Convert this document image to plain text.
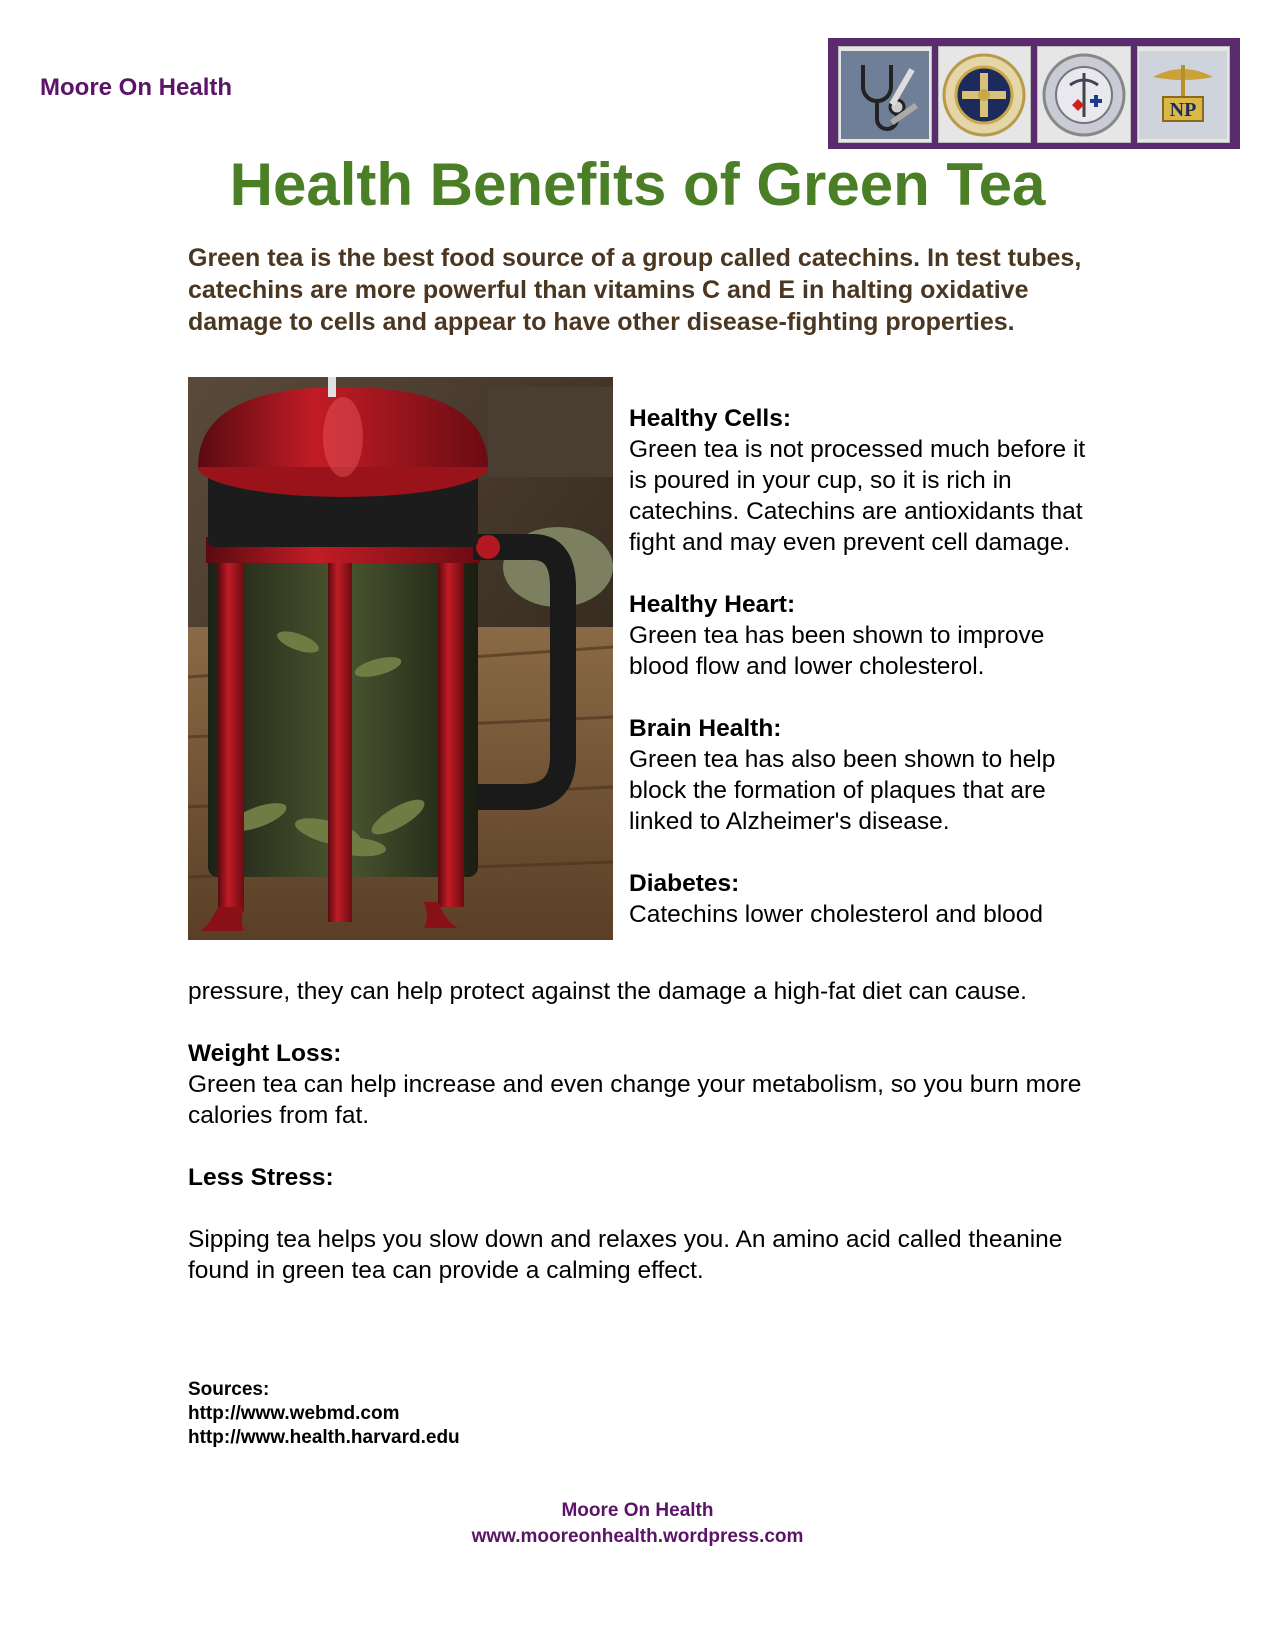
Moore On Health
NP
Health Benefits of Green Tea
Green tea is the best food source of a group called catechins. In test tubes, catechins are more powerful than vitamins C and E in halting oxidative damage to cells and appear to have other disease-fighting properties.

Healthy Cells:
Green tea is not processed much before it is poured in your cup, so it is rich in catechins. Catechins are antioxidants that fight and may even prevent cell damage.

Healthy Heart:
Green tea has been shown to improve blood flow and lower cholesterol.

Brain Health:
Green tea has also been shown to help block the formation of plaques that are linked to Alzheimer's disease.

Diabetes:
Catechins lower cholesterol and blood

pressure, they can help protect against the damage a high-fat diet can cause.

Weight Loss:
Green tea can help increase and even change your metabolism, so you burn more calories from fat.

Less Stress:
Sipping tea helps you slow down and relaxes you. An amino acid called theanine found in green tea can provide a calming effect.

Sources:
http://www.webmd.com
http://www.health.harvard.edu
Moore On Health
www.mooreonhealth.wordpress.com
